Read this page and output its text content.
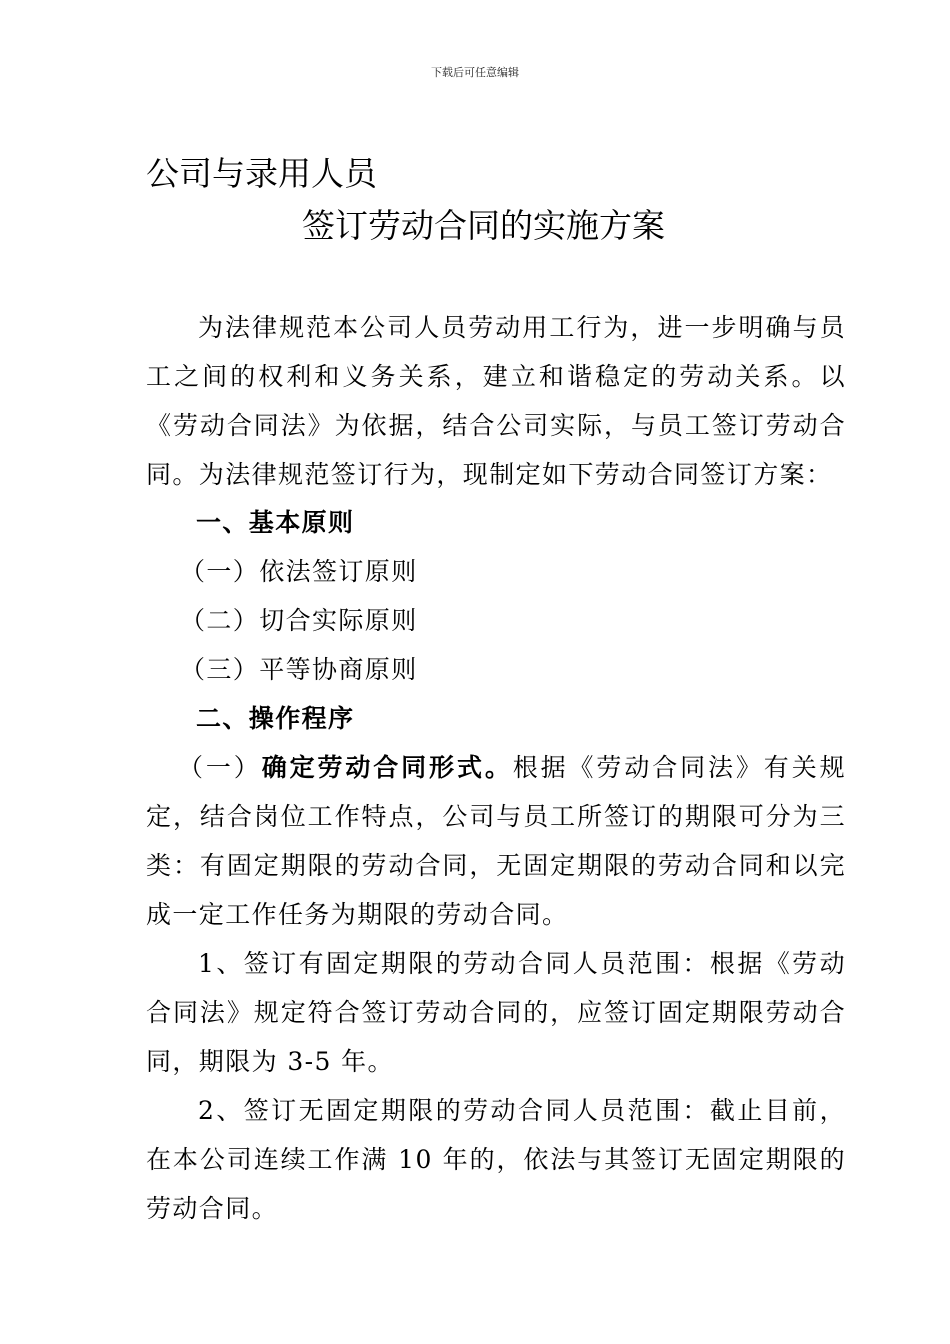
下载后可任意编辑
公司与录用人员
签订劳动合同的实施方案
为法律规范本公司人员劳动用工行为，进一步明确与员工之间的权利和义务关系，建立和谐稳定的劳动关系。以《劳动合同法》为依据，结合公司实际，与员工签订劳动合同。为法律规范签订行为，现制定如下劳动合同签订方案：
一、基本原则
（一）依法签订原则
（二）切合实际原则
（三）平等协商原则
二、操作程序
（一）确定劳动合同形式。根据《劳动合同法》有关规定，结合岗位工作特点，公司与员工所签订的期限可分为三类：有固定期限的劳动合同，无固定期限的劳动合同和以完成一定工作任务为期限的劳动合同。
1、签订有固定期限的劳动合同人员范围：根据《劳动合同法》规定符合签订劳动合同的，应签订固定期限劳动合同，期限为 3-5 年。
2、签订无固定期限的劳动合同人员范围：截止目前，在本公司连续工作满 10 年的，依法与其签订无固定期限的劳动合同。
